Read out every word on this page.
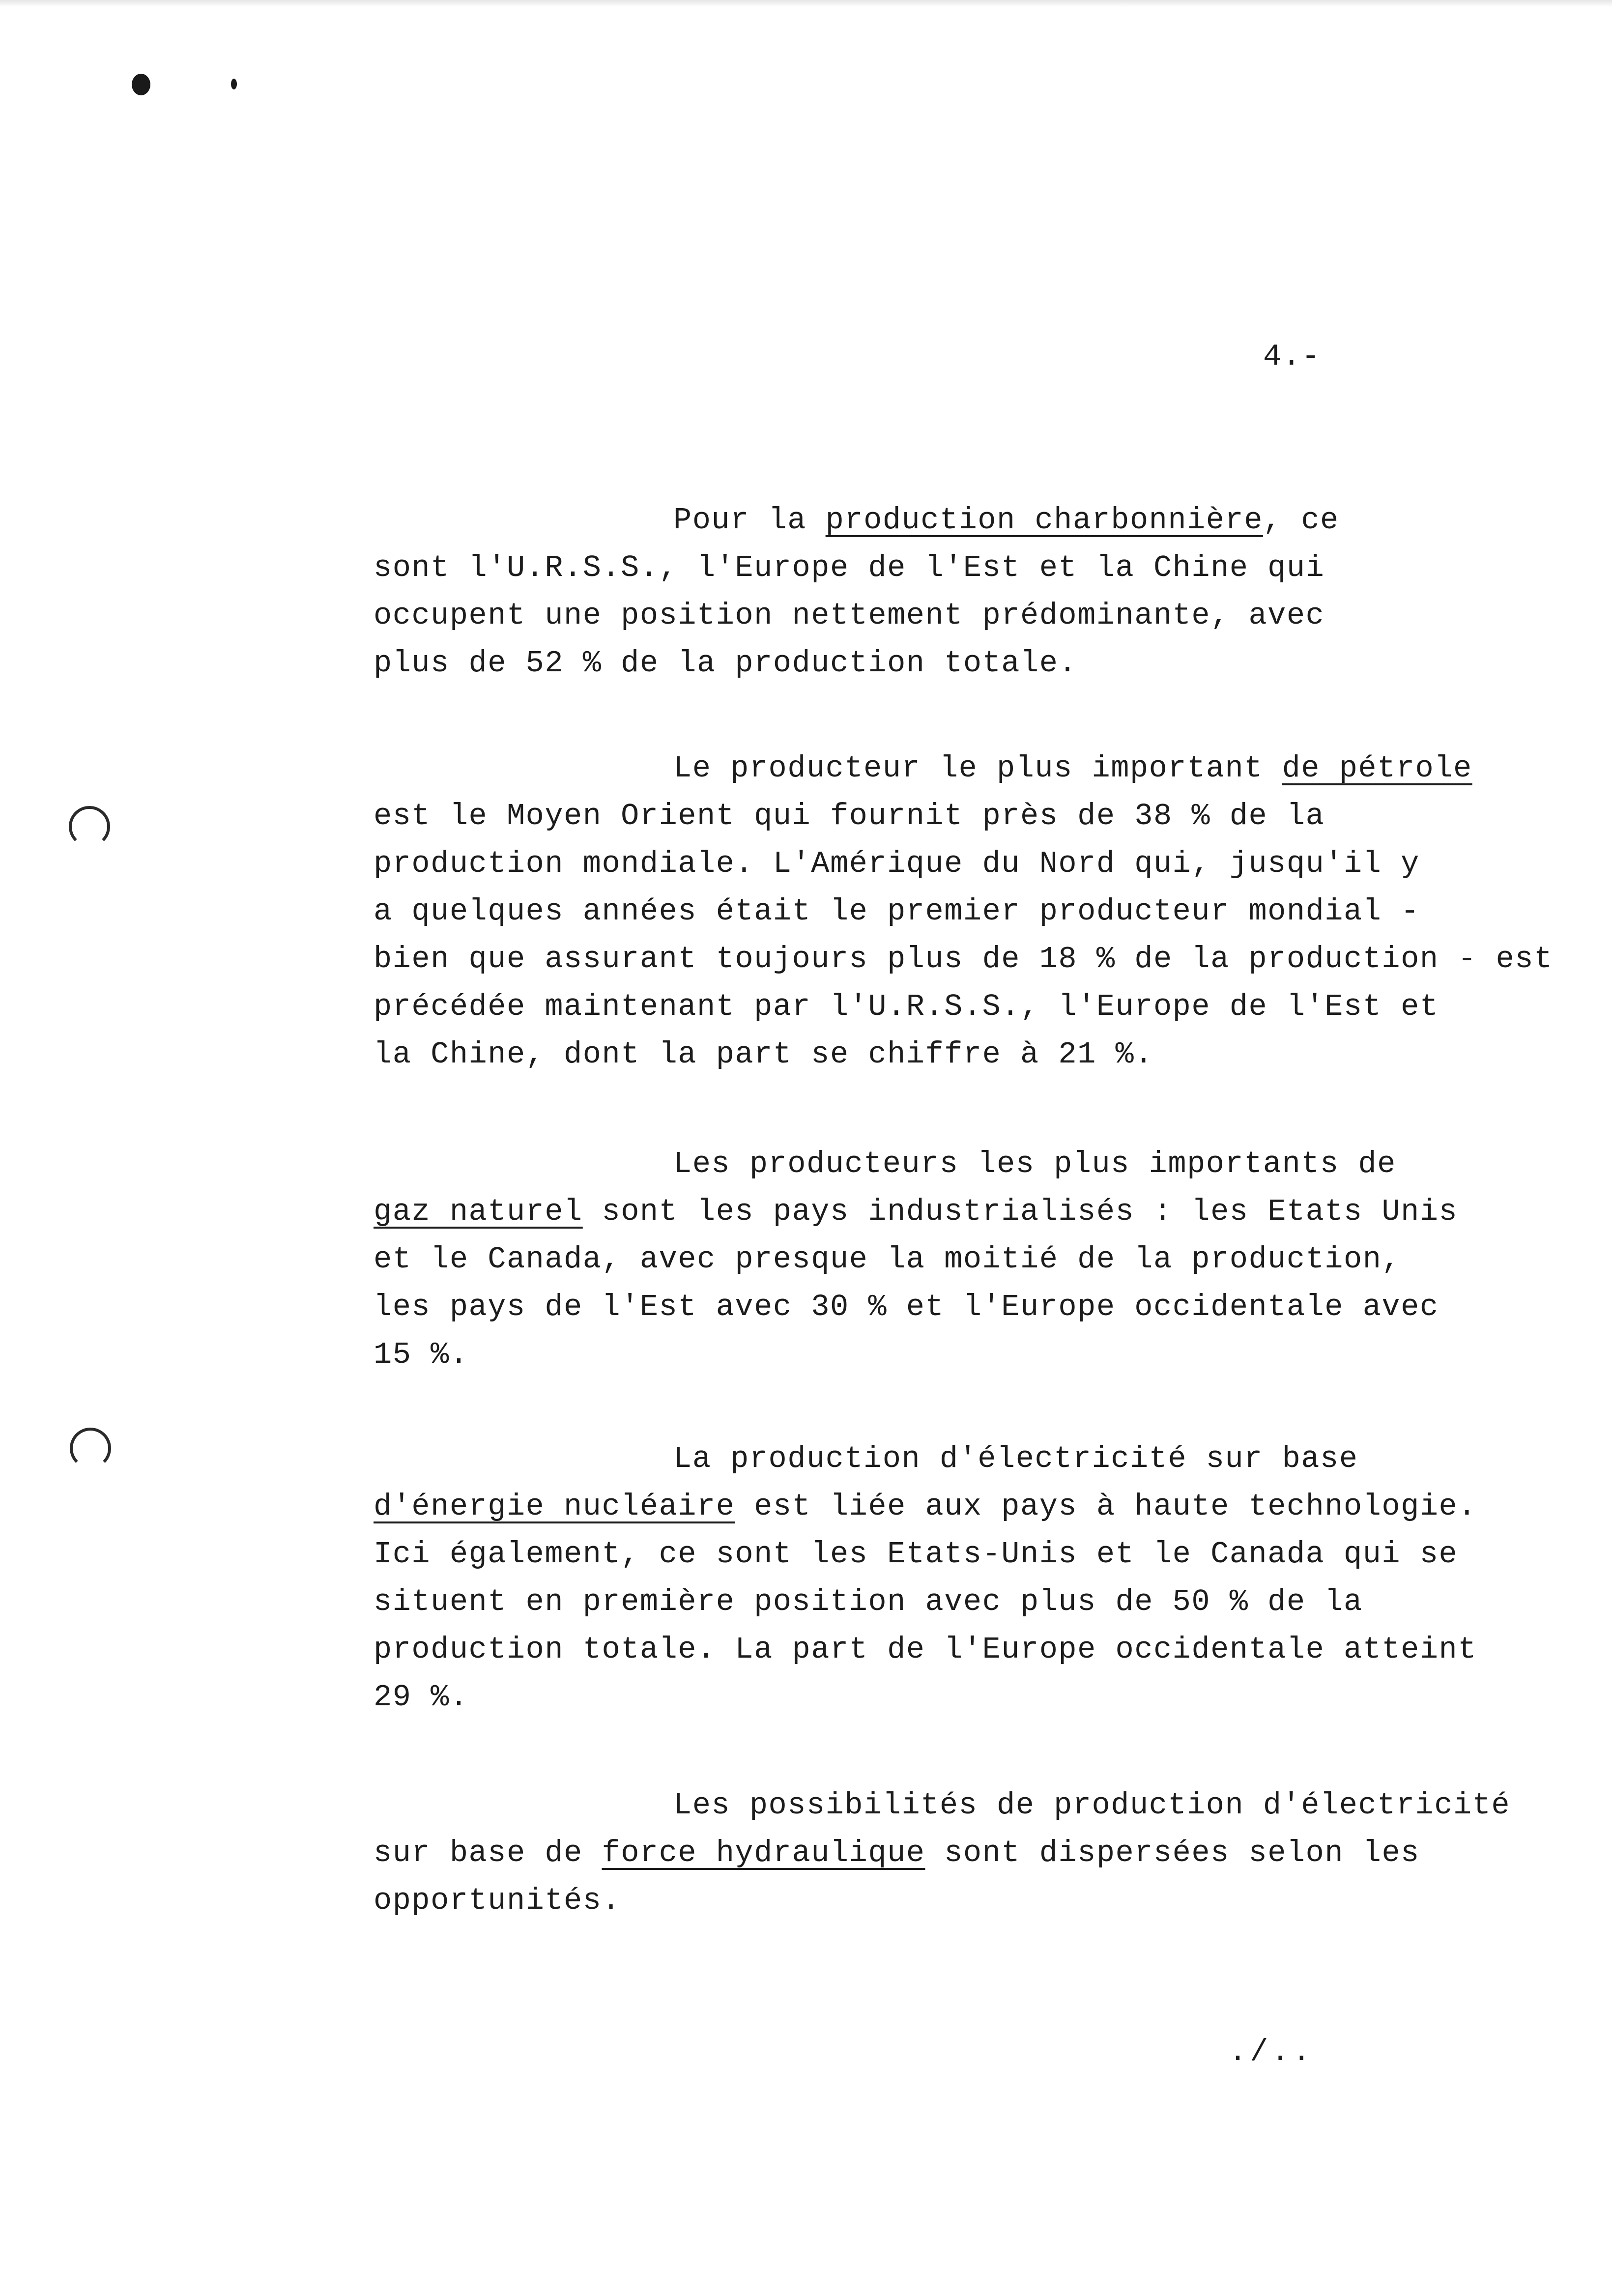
4.-
Pour la production charbonnière, ce
sont l'U.R.S.S., l'Europe de l'Est et la Chine qui
occupent une position nettement prédominante, avec
plus de 52 % de la production totale.
Le producteur le plus important de pétrole
est le Moyen Orient qui fournit près de 38 % de la
production mondiale. L'Amérique du Nord qui, jusqu'il y
a quelques années était le premier producteur mondial -
bien que assurant toujours plus de 18 % de la production - est
précédée maintenant par l'U.R.S.S., l'Europe de l'Est et
la Chine, dont la part se chiffre à 21 %.
Les producteurs les plus importants de
gaz naturel sont les pays industrialisés : les Etats Unis
et le Canada, avec presque la moitié de la production,
les pays de l'Est avec 30 % et l'Europe occidentale avec
15 %.
La production d'électricité sur base
d'énergie nucléaire est liée aux pays à haute technologie.
Ici également, ce sont les Etats-Unis et le Canada qui se
situent en première position avec plus de 50 % de la
production totale. La part de l'Europe occidentale atteint
29 %.
Les possibilités de production d'électricité
sur base de force hydraulique sont dispersées selon les
opportunités.
./..
